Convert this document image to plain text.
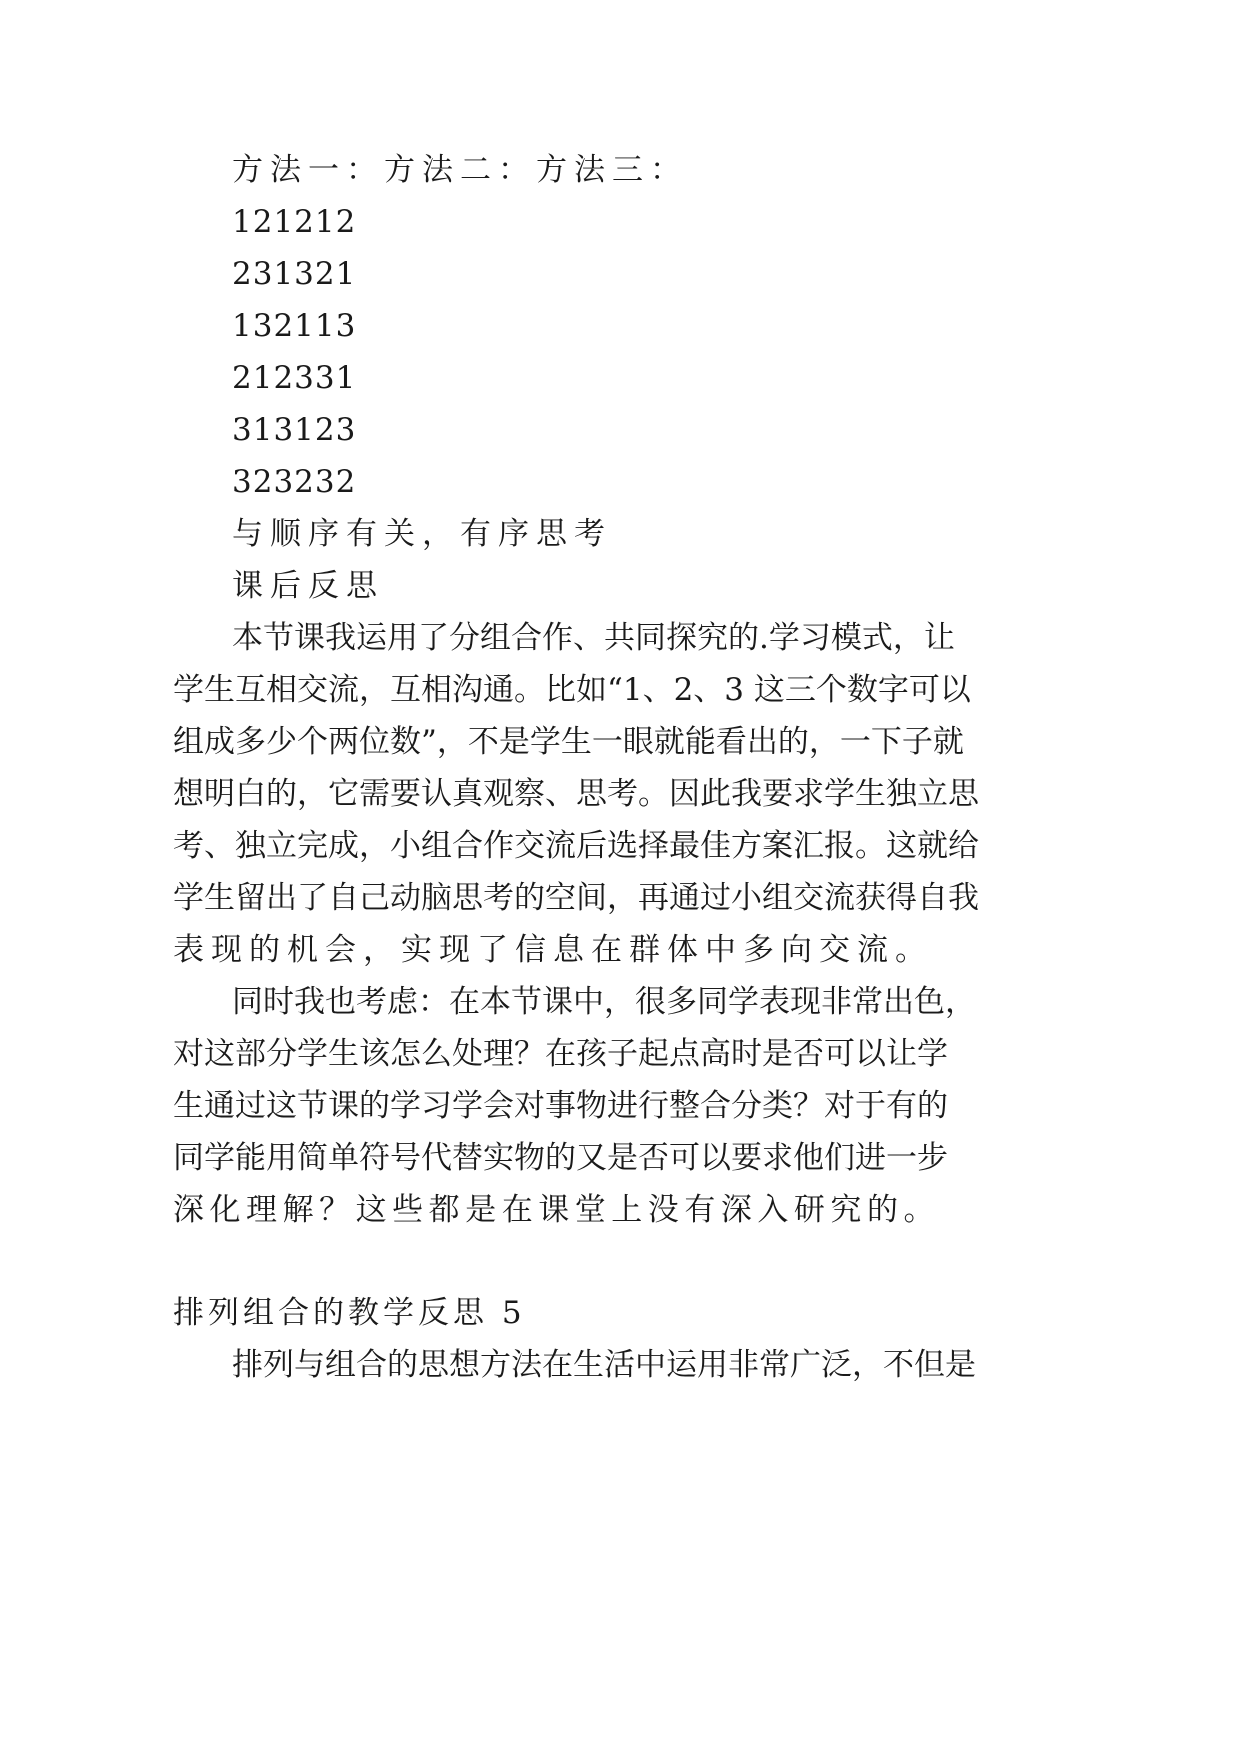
方法一：方法二：方法三：
121212
231321
132113
212331
313123
323232
与顺序有关，有序思考
课后反思
本节课我运用了分组合作、共同探究的.学习模式，让
学生互相交流，互相沟通。比如“1、2、3 这三个数字可以
组成多少个两位数”，不是学生一眼就能看出的，一下子就
想明白的，它需要认真观察、思考。因此我要求学生独立思
考、独立完成，小组合作交流后选择最佳方案汇报。这就给
学生留出了自己动脑思考的空间，再通过小组交流获得自我
表现的机会，实现了信息在群体中多向交流。
同时我也考虑：在本节课中，很多同学表现非常出色，
对这部分学生该怎么处理？在孩子起点高时是否可以让学
生通过这节课的学习学会对事物进行整合分类？对于有的
同学能用简单符号代替实物的又是否可以要求他们进一步
深化理解？这些都是在课堂上没有深入研究的。
排列组合的教学反思 5
排列与组合的思想方法在生活中运用非常广泛，不但是
